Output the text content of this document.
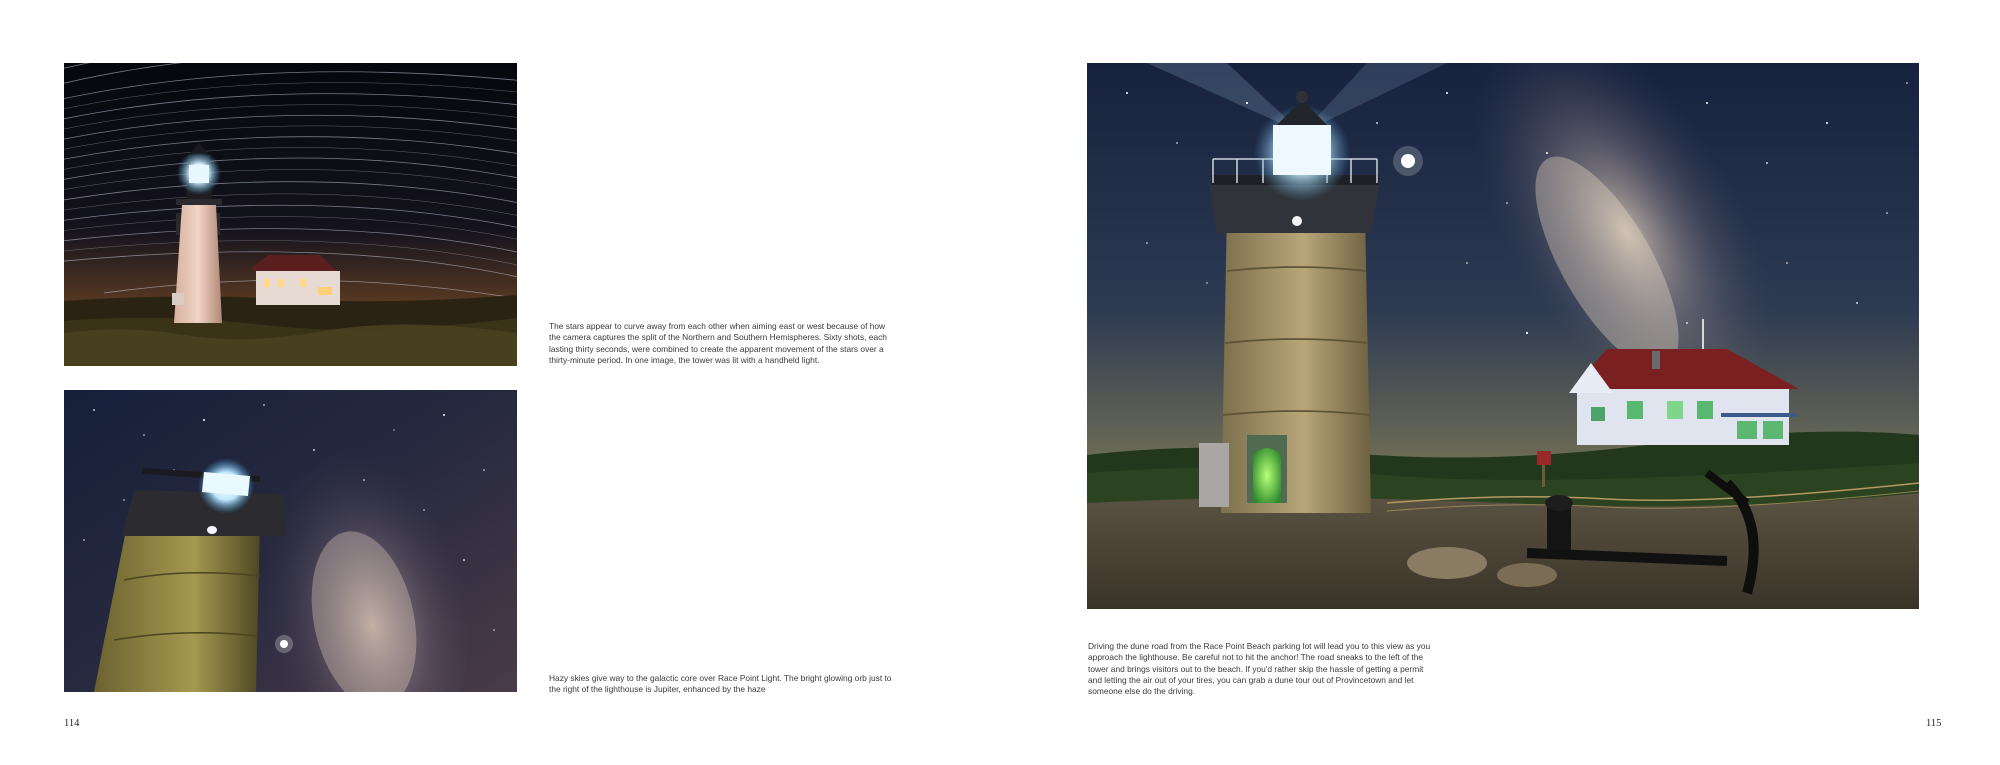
The stars appear to curve away from each other when aiming east or west because of how the camera captures the split of the Northern and Southern Hemispheres. Sixty shots, each lasting thirty seconds, were combined to create the apparent movement of the stars over a thirty-minute period. In one image, the tower was lit with a handheld light.

Hazy skies give way to the galactic core over Race Point Light. The bright glowing orb just to the right of the lighthouse is Jupiter, enhanced by the haze

114

Driving the dune road from the Race Point Beach parking lot will lead you to this view as you approach the lighthouse. Be careful not to hit the anchor! The road sneaks to the left of the tower and brings visitors out to the beach. If you'd rather skip the hassle of getting a permit and letting the air out of your tires, you can grab a dune tour out of Provincetown and let someone else do the driving.

115
